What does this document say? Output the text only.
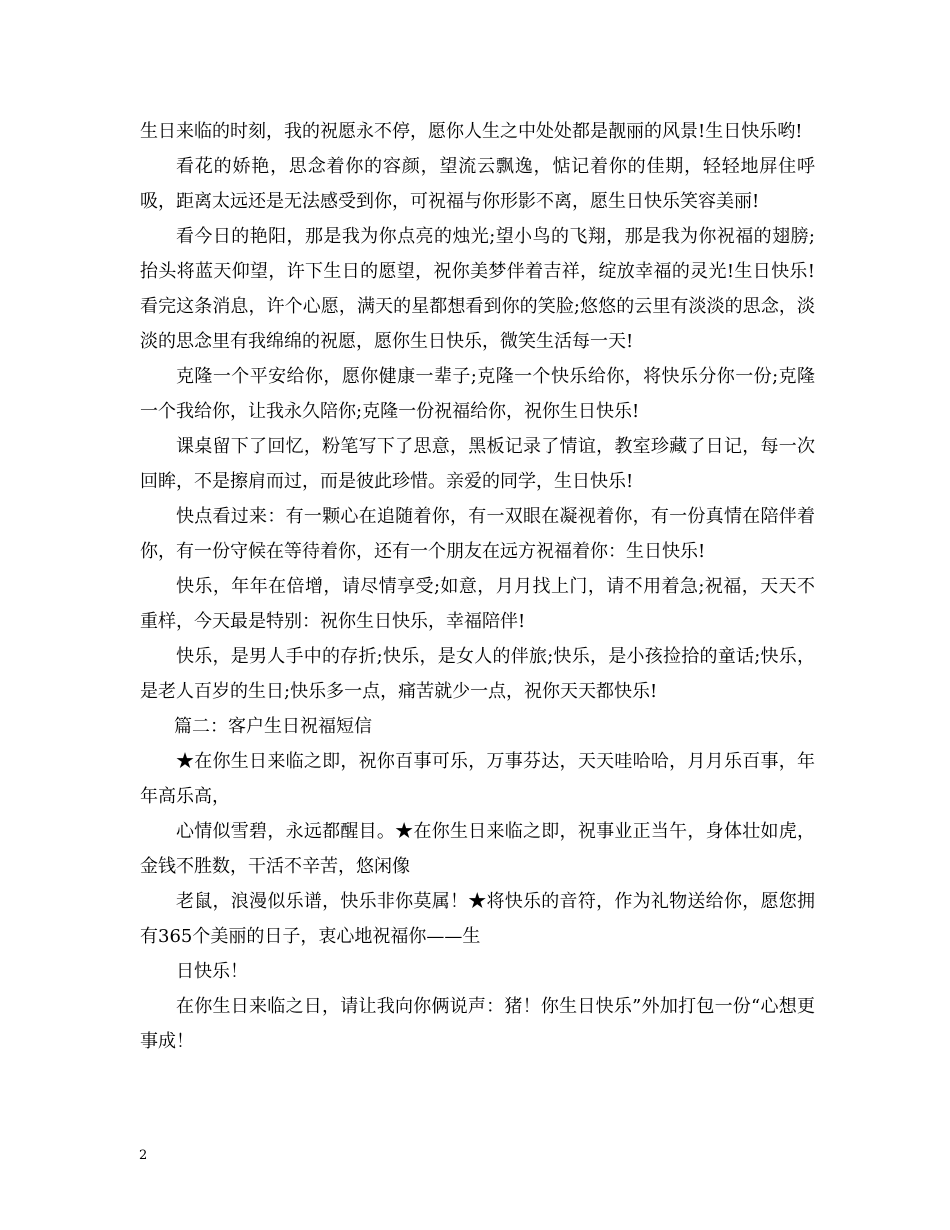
生日来临的时刻，我的祝愿永不停，愿你人生之中处处都是靓丽的风景!生日快乐哟!

看花的娇艳，思念着你的容颜，望流云飘逸，惦记着你的佳期，轻轻地屏住呼吸，距离太远还是无法感受到你，可祝福与你形影不离，愿生日快乐笑容美丽!

看今日的艳阳，那是我为你点亮的烛光;望小鸟的飞翔，那是我为你祝福的翅膀;抬头将蓝天仰望，许下生日的愿望，祝你美梦伴着吉祥，绽放幸福的灵光!生日快乐!看完这条消息，许个心愿，满天的星都想看到你的笑脸;悠悠的云里有淡淡的思念，淡淡的思念里有我绵绵的祝愿，愿你生日快乐，微笑生活每一天!

克隆一个平安给你，愿你健康一辈子;克隆一个快乐给你，将快乐分你一份;克隆一个我给你，让我永久陪你;克隆一份祝福给你，祝你生日快乐!

课桌留下了回忆，粉笔写下了思意，黑板记录了情谊，教室珍藏了日记，每一次回眸，不是擦肩而过，而是彼此珍惜。亲爱的同学，生日快乐!

快点看过来：有一颗心在追随着你，有一双眼在凝视着你，有一份真情在陪伴着你，有一份守候在等待着你，还有一个朋友在远方祝福着你：生日快乐!

快乐，年年在倍增，请尽情享受;如意，月月找上门，请不用着急;祝福，天天不重样，今天最是特别：祝你生日快乐，幸福陪伴!

快乐，是男人手中的存折;快乐，是女人的伴旅;快乐，是小孩捡拾的童话;快乐，是老人百岁的生日;快乐多一点，痛苦就少一点，祝你天天都快乐!

篇二：客户生日祝福短信

★在你生日来临之即，祝你百事可乐，万事芬达，天天哇哈哈，月月乐百事，年年高乐高，

心情似雪碧，永远都醒目。★在你生日来临之即，祝事业正当午，身体壮如虎，金钱不胜数，干活不辛苦，悠闲像

老鼠，浪漫似乐谱，快乐非你莫属！★将快乐的音符，作为礼物送给你，愿您拥有365个美丽的日子，衷心地祝福你——生

日快乐！

在你生日来临之日，请让我向你俩说声：猪！你生日快乐”外加打包一份“心想更事成！

2
